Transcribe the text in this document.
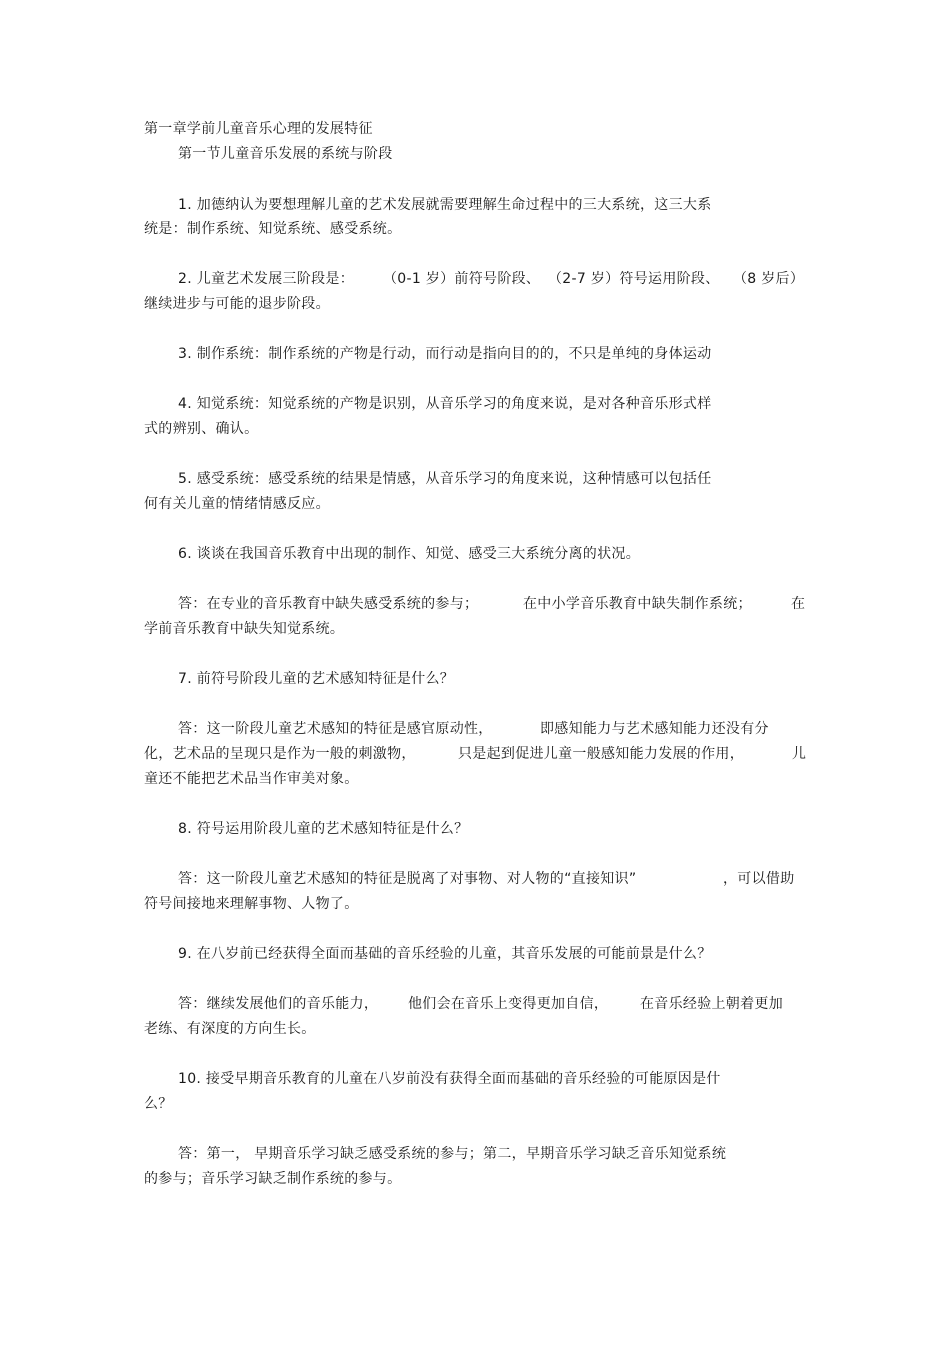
第一章学前儿童音乐心理的发展特征
第一节儿童音乐发展的系统与阶段
1. 加德纳认为要想理解儿童的艺术发展就需要理解生命过程中的三大系统，这三大系
统是：制作系统、知觉系统、感受系统。
2. 儿童艺术发展三阶段是： （0-1 岁）前符号阶段、 （2-7 岁）符号运用阶段、 （8 岁后）
继续进步与可能的退步阶段。
3. 制作系统：制作系统的产物是行动，而行动是指向目的的，不只是单纯的身体运动
4. 知觉系统：知觉系统的产物是识别，从音乐学习的角度来说，是对各种音乐形式样
式的辨别、确认。
5. 感受系统：感受系统的结果是情感，从音乐学习的角度来说，这种情感可以包括任
何有关儿童的情绪情感反应。
6. 谈谈在我国音乐教育中出现的制作、知觉、感受三大系统分离的状况。
答：在专业的音乐教育中缺失感受系统的参与；	在中小学音乐教育中缺失制作系统；	在
学前音乐教育中缺失知觉系统。
7. 前符号阶段儿童的艺术感知特征是什么？
答：这一阶段儿童艺术感知的特征是感官原动性，	即感知能力与艺术感知能力还没有分
化，艺术品的呈现只是作为一般的刺激物，	只是起到促进儿童一般感知能力发展的作用，	儿
童还不能把艺术品当作审美对象。
8. 符号运用阶段儿童的艺术感知特征是什么？
答：这一阶段儿童艺术感知的特征是脱离了对事物、对人物的“直接知识”	，可以借助
符号间接地来理解事物、人物了。
9. 在八岁前已经获得全面而基础的音乐经验的儿童，其音乐发展的可能前景是什么？
答：继续发展他们的音乐能力， 他们会在音乐上变得更加自信， 在音乐经验上朝着更加
老练、有深度的方向生长。
10. 接受早期音乐教育的儿童在八岁前没有获得全面而基础的音乐经验的可能原因是什
么？
答：第一， 早期音乐学习缺乏感受系统的参与；第二，早期音乐学习缺乏音乐知觉系统
的参与；音乐学习缺乏制作系统的参与。
